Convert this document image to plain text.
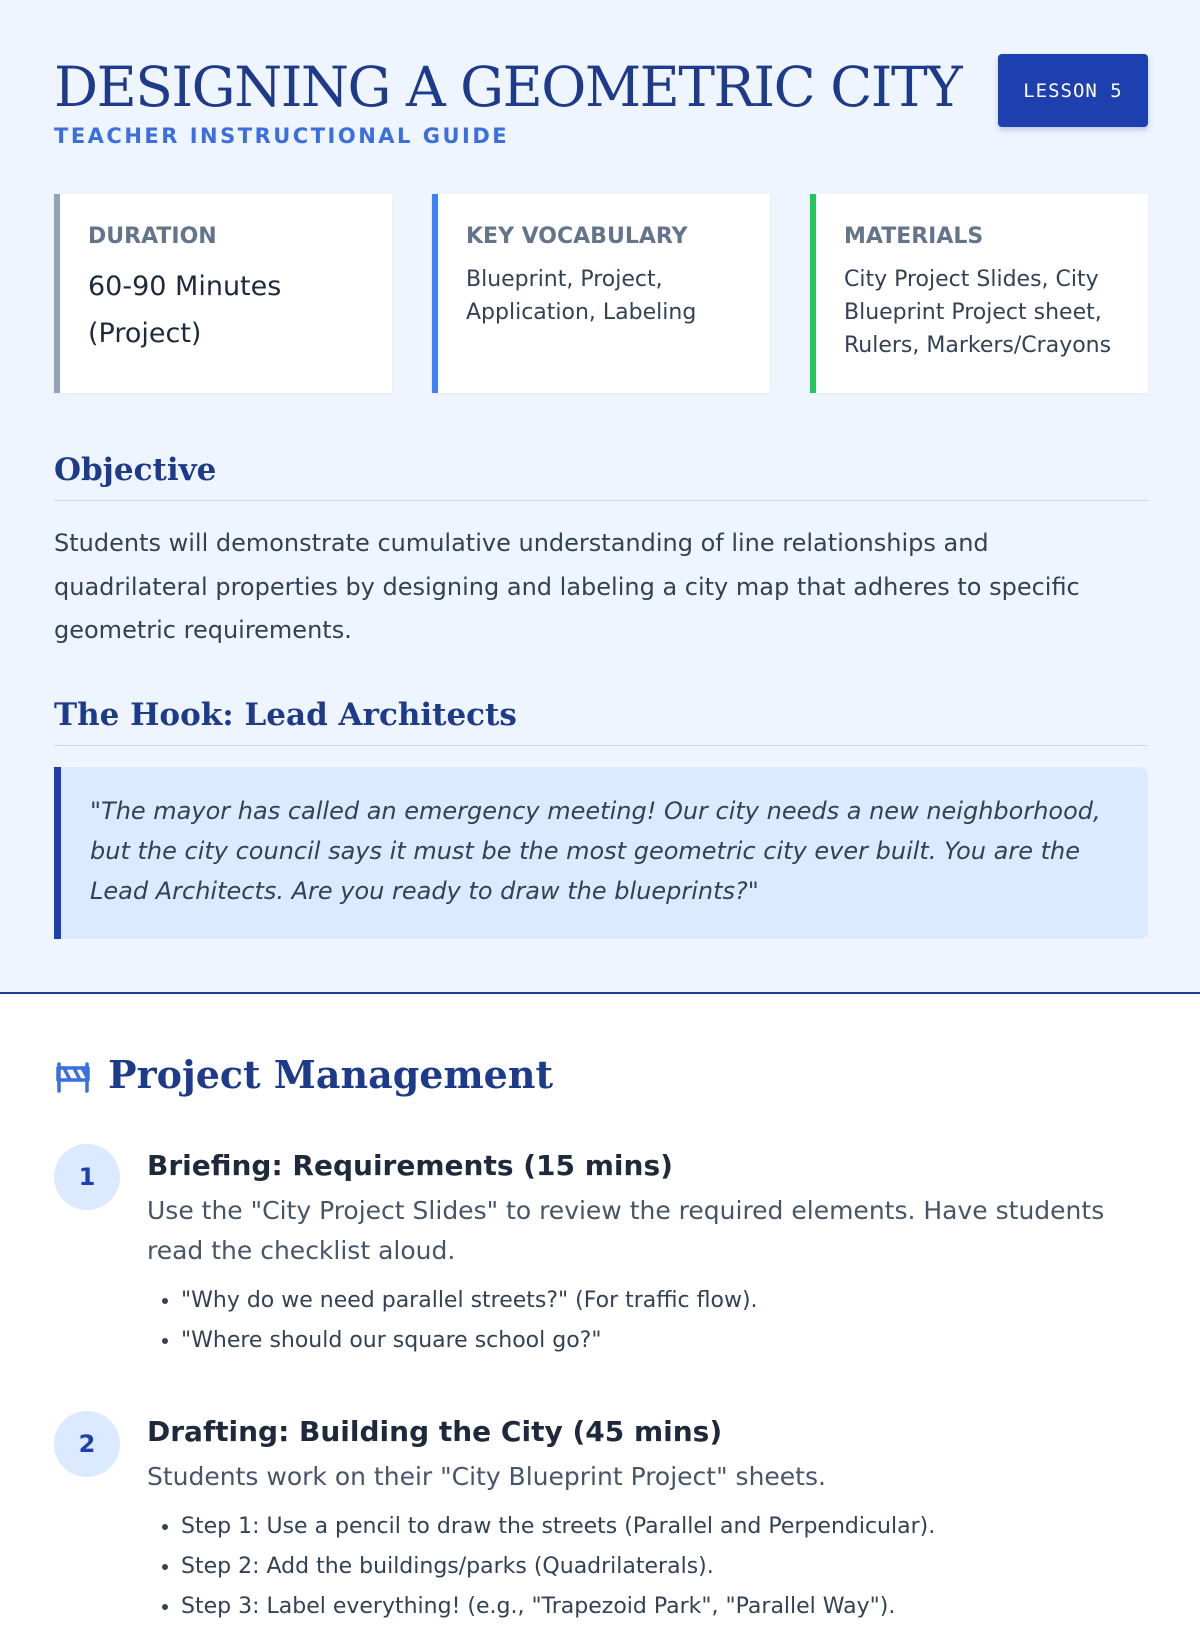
DESIGNING A GEOMETRIC CITY
TEACHER INSTRUCTIONAL GUIDE
LESSON 5
DURATION
60-90 Minutes (Project)
KEY VOCABULARY
Blueprint, Project, Application, Labeling
MATERIALS
City Project Slides, City Blueprint Project sheet, Rulers, Markers/Crayons
Objective

Students will demonstrate cumulative understanding of line relationships and quadrilateral properties by designing and labeling a city map that adheres to specific geometric requirements.

The Hook: Lead Architects
"The mayor has called an emergency meeting! Our city needs a new neighborhood, but the city council says it must be the most geometric city ever built. You are the Lead Architects. Are you ready to draw the blueprints?"
Project Management
1	Briefing: Requirements (15 mins)

Use the "City Project Slides" to review the required elements. Have students read the checklist aloud.

• "Why do we need parallel streets?" (For traffic flow).
• "Where should our square school go?"
2	Drafting: Building the City (45 mins)

Students work on their "City Blueprint Project" sheets.

• Step 1: Use a pencil to draw the streets (Parallel and Perpendicular).
• Step 2: Add the buildings/parks (Quadrilaterals).
• Step 3: Label everything! (e.g., "Trapezoid Park", "Parallel Way").
